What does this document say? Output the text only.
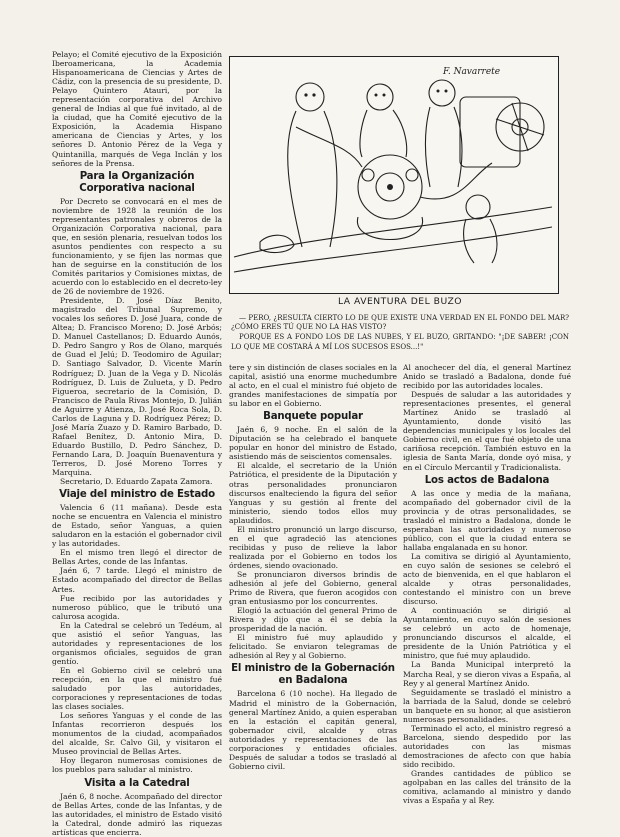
Pelayo; el Comité ejecutivo de la Exposición Iberoamericana, la Academia Hispanoamericana de Ciencias y Artes de Cádiz, con la presencia de su presidente, D. Pelayo Quintero Atauri, por la representación corporativa del Archivo general de Indias al que fué invitado, al de la ciudad, que ha Comité ejecutivo de la Exposición, la Academia Hispano americana de Ciencias y Artes, y los señores D. Antonio Pérez de la Vega y Quintanilla, marqués de Vega Inclán y los señores de la Prensa.

Para la Organización Corporativa nacional

Por Decreto se convocará en el mes de noviembre de 1928 la reunión de los representantes patronales y obreros de la Organización Corporativa nacional, para que, en sesión plenaria, resuelvan todos los asuntos pendientes con respecto a su funcionamiento, y se fijen las normas que han de seguirse en la constitución de los Comités paritarios y Comisiones mixtas, de acuerdo con lo establecido en el decreto-ley de 26 de noviembre de 1926.

Presidente, D. José Díaz Benito, magistrado del Tribunal Supremo, y vocales los señores D. José Juara, conde de Altea; D. Francisco Moreno; D. José Arbós; D. Manuel Castellanos; D. Eduardo Aunós, D. Pedro Sangro y Ros de Olano, marqués de Guad el Jelú; D. Teodomiro de Aguilar; D. Santiago Salvador, D. Vicente Marín Rodríguez; D. Juan de la Vega y D. Nicolás Rodríguez, D. Luis de Zulueta, y D. Pedro Figueroa, secretario de la Comisión, D. Francisco de Paula Rivas Montejo, D. Julián de Aguirre y Atienza, D. José Roca Sola, D. Carlos de Laguna y D. Rodríguez Pérez; D. José María Zuazo y D. Ramiro Barbado, D. Rafael Benítez, D. Antonio Mira, D. Eduardo Bustillo, D. Pedro Sánchez, D. Fernando Lara, D. Joaquín Buenaventura y Terreros, D. José Moreno Torres y Marquina.

Secretario, D. Eduardo Zapata Zamora.

Viaje del ministro de Estado

Valencia 6 (11 mañana). Desde esta noche se encuentra en Valencia el ministro de Estado, señor Yanguas, a quien saludaron en la estación el gobernador civil y las autoridades.

En el mismo tren llegó el director de Bellas Artes, conde de las Infantas.

Jaén 6, 7 tarde. Llegó el ministro de Estado acompañado del director de Bellas Artes.

Fue recibido por las autoridades y numeroso público, que le tributó una calurosa acogida.

En la Catedral se celebró un Tedéum, al que asistió el señor Yanguas, las autoridades y representaciones de los organismos oficiales, seguidos de gran gentío.

En el Gobierno civil se celebró una recepción, en la que el ministro fué saludado por las autoridades, corporaciones y representaciones de todas las clases sociales.

Los señores Yanguas y el conde de las Infantas recorrieron después los monumentos de la ciudad, acompañados del alcalde, Sr. Calvo Gil, y visitaron el Museo provincial de Bellas Artes.

Hoy llegaron numerosas comisiones de los pueblos para saludar al ministro.

Visita a la Catedral

Jaén 6, 8 noche. Acompañado del director de Bellas Artes, conde de las Infantas, y de las autoridades, el ministro de Estado visitó la Catedral, donde admiró las riquezas artísticas que encierra.

F. Navarrete
LA AVENTURA DEL BUZO

— PERO, ¿RESULTA CIERTO LO DE QUE EXISTE UNA VERDAD EN EL FONDO DEL MAR? ¿CÓMO ERES TÚ QUE NO LA HAS VISTO?

PORQUE ES A FONDO LOS DE LAS NUBES, Y EL BUZO, GRITANDO: "¡DE SABER! ¡CON LO QUE ME COSTARÁ A MÍ LOS SUCESOS ESOS...!"

tere y sin distinción de clases sociales en la capital, asistió una enorme muchedumbre al acto, en el cual el ministro fué objeto de grandes manifestaciones de simpatía por su labor en el Gobierno.

Banquete popular

Jaén 6, 9 noche. En el salón de la Diputación se ha celebrado el banquete popular en honor del ministro de Estado, asistiendo más de seiscientos comensales.

El alcalde, el secretario de la Unión Patriótica, el presidente de la Diputación y otras personalidades pronunciaron discursos enalteciendo la figura del señor Yanguas y su gestión al frente del ministerio, siendo todos ellos muy aplaudidos.

El ministro pronunció un largo discurso, en el que agradeció las atenciones recibidas y puso de relieve la labor realizada por el Gobierno en todos los órdenes, siendo ovacionado.

Se pronunciaron diversos brindis de adhesión al jefe del Gobierno, general Primo de Rivera, que fueron acogidos con gran entusiasmo por los concurrentes.

Elogió la actuación del general Primo de Rivera y dijo que a él se debía la prosperidad de la nación.

El ministro fué muy aplaudido y felicitado. Se enviaron telegramas de adhesión al Rey y al Gobierno.

El ministro de la Gobernación en Badalona

Barcelona 6 (10 noche). Ha llegado de Madrid el ministro de la Gobernación, general Martínez Anido, a quien esperaban en la estación el capitán general, gobernador civil, alcalde y otras autoridades y representaciones de las corporaciones y entidades oficiales. Después de saludar a todos se trasladó al Gobierno civil.

Al anochecer del día, el general Martínez Anido se trasladó a Badalona, donde fué recibido por las autoridades locales.

Después de saludar a las autoridades y representaciones presentes, el general Martínez Anido se trasladó al Ayuntamiento, donde visitó las dependencias municipales y los locales del Gobierno civil, en el que fué objeto de una cariñosa recepción. También estuvo en la iglesia de Santa María, donde oyó misa, y en el Círculo Mercantil y Tradicionalista.

Los actos de Badalona

A las once y media de la mañana, acompañado del gobernador civil de la provincia y de otras personalidades, se trasladó el ministro a Badalona, donde le esperaban las autoridades y numeroso público, con el que la ciudad entera se hallaba engalanada en su honor.

La comitiva se dirigió al Ayuntamiento, en cuyo salón de sesiones se celebró el acto de bienvenida, en el que hablaron el alcalde y otras personalidades, contestando el ministro con un breve discurso.

A continuación se dirigió al Ayuntamiento, en cuyo salón de sesiones se celebró un acto de homenaje, pronunciando discursos el alcalde, el presidente de la Unión Patriótica y el ministro, que fué muy aplaudido.

La Banda Municipal interpretó la Marcha Real, y se dieron vivas a España, al Rey y al general Martínez Anido.

Seguidamente se trasladó el ministro a la barriada de la Salud, donde se celebró un banquete en su honor, al que asistieron numerosas personalidades.

Terminado el acto, el ministro regresó a Barcelona, siendo despedido por las autoridades con las mismas demostraciones de afecto con que había sido recibido.

Grandes cantidades de público se agolpaban en las calles del tránsito de la comitiva, aclamando al ministro y dando vivas a España y al Rey.
